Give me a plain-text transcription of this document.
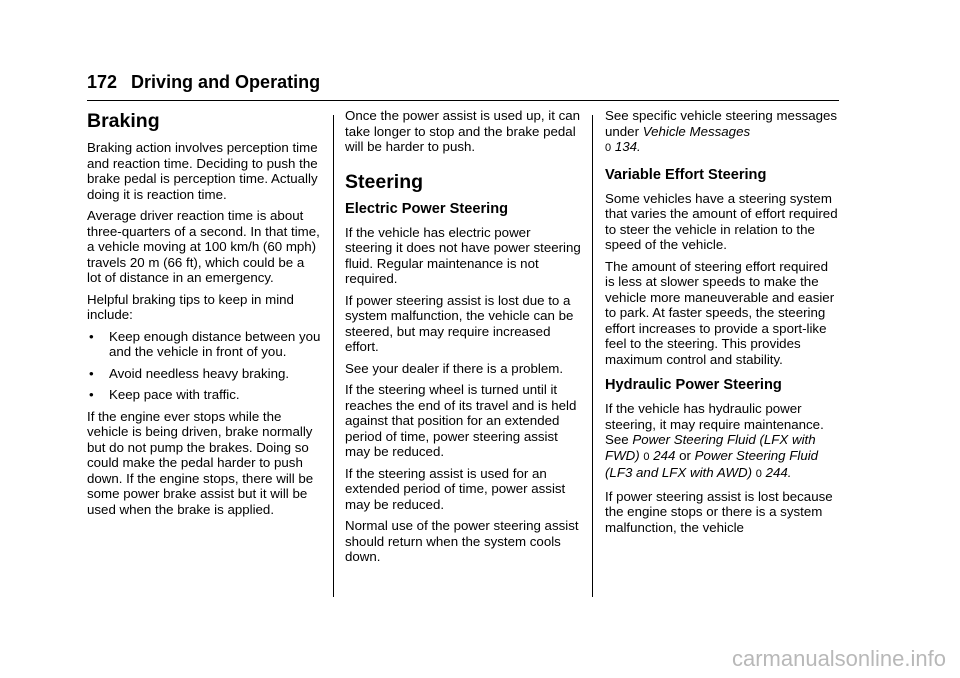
172 Driving and Operating
Braking

Braking action involves perception time and reaction time. Deciding to push the brake pedal is perception time. Actually doing it is reaction time.

Average driver reaction time is about three-quarters of a second. In that time, a vehicle moving at 100 km/h (60 mph) travels 20 m (66 ft), which could be a lot of distance in an emergency.

Helpful braking tips to keep in mind include:

•	Keep enough distance between you and the vehicle in front of you.
•	Avoid needless heavy braking.
•	Keep pace with traffic.

If the engine ever stops while the vehicle is being driven, brake normally but do not pump the brakes. Doing so could make the pedal harder to push down. If the engine stops, there will be some power brake assist but it will be used when the brake is applied.

Once the power assist is used up, it can take longer to stop and the brake pedal will be harder to push.

Steering
Electric Power Steering

If the vehicle has electric power steering it does not have power steering fluid. Regular maintenance is not required.

If power steering assist is lost due to a system malfunction, the vehicle can be steered, but may require increased effort.

See your dealer if there is a problem.

If the steering wheel is turned until it reaches the end of its travel and is held against that position for an extended period of time, power steering assist may be reduced.

If the steering assist is used for an extended period of time, power assist may be reduced.

Normal use of the power steering assist should return when the system cools down.

See specific vehicle steering messages under Vehicle Messages
0 134.

Variable Effort Steering

Some vehicles have a steering system that varies the amount of effort required to steer the vehicle in relation to the speed of the vehicle.

The amount of steering effort required is less at slower speeds to make the vehicle more maneuverable and easier to park. At faster speeds, the steering effort increases to provide a sport-like feel to the steering. This provides maximum control and stability.

Hydraulic Power Steering

If the vehicle has hydraulic power steering, it may require maintenance. See Power Steering Fluid (LFX with FWD) 0 244 or Power Steering Fluid (LF3 and LFX with AWD) 0 244.

If power steering assist is lost because the engine stops or there is a system malfunction, the vehicle

carmanualsonline.info
